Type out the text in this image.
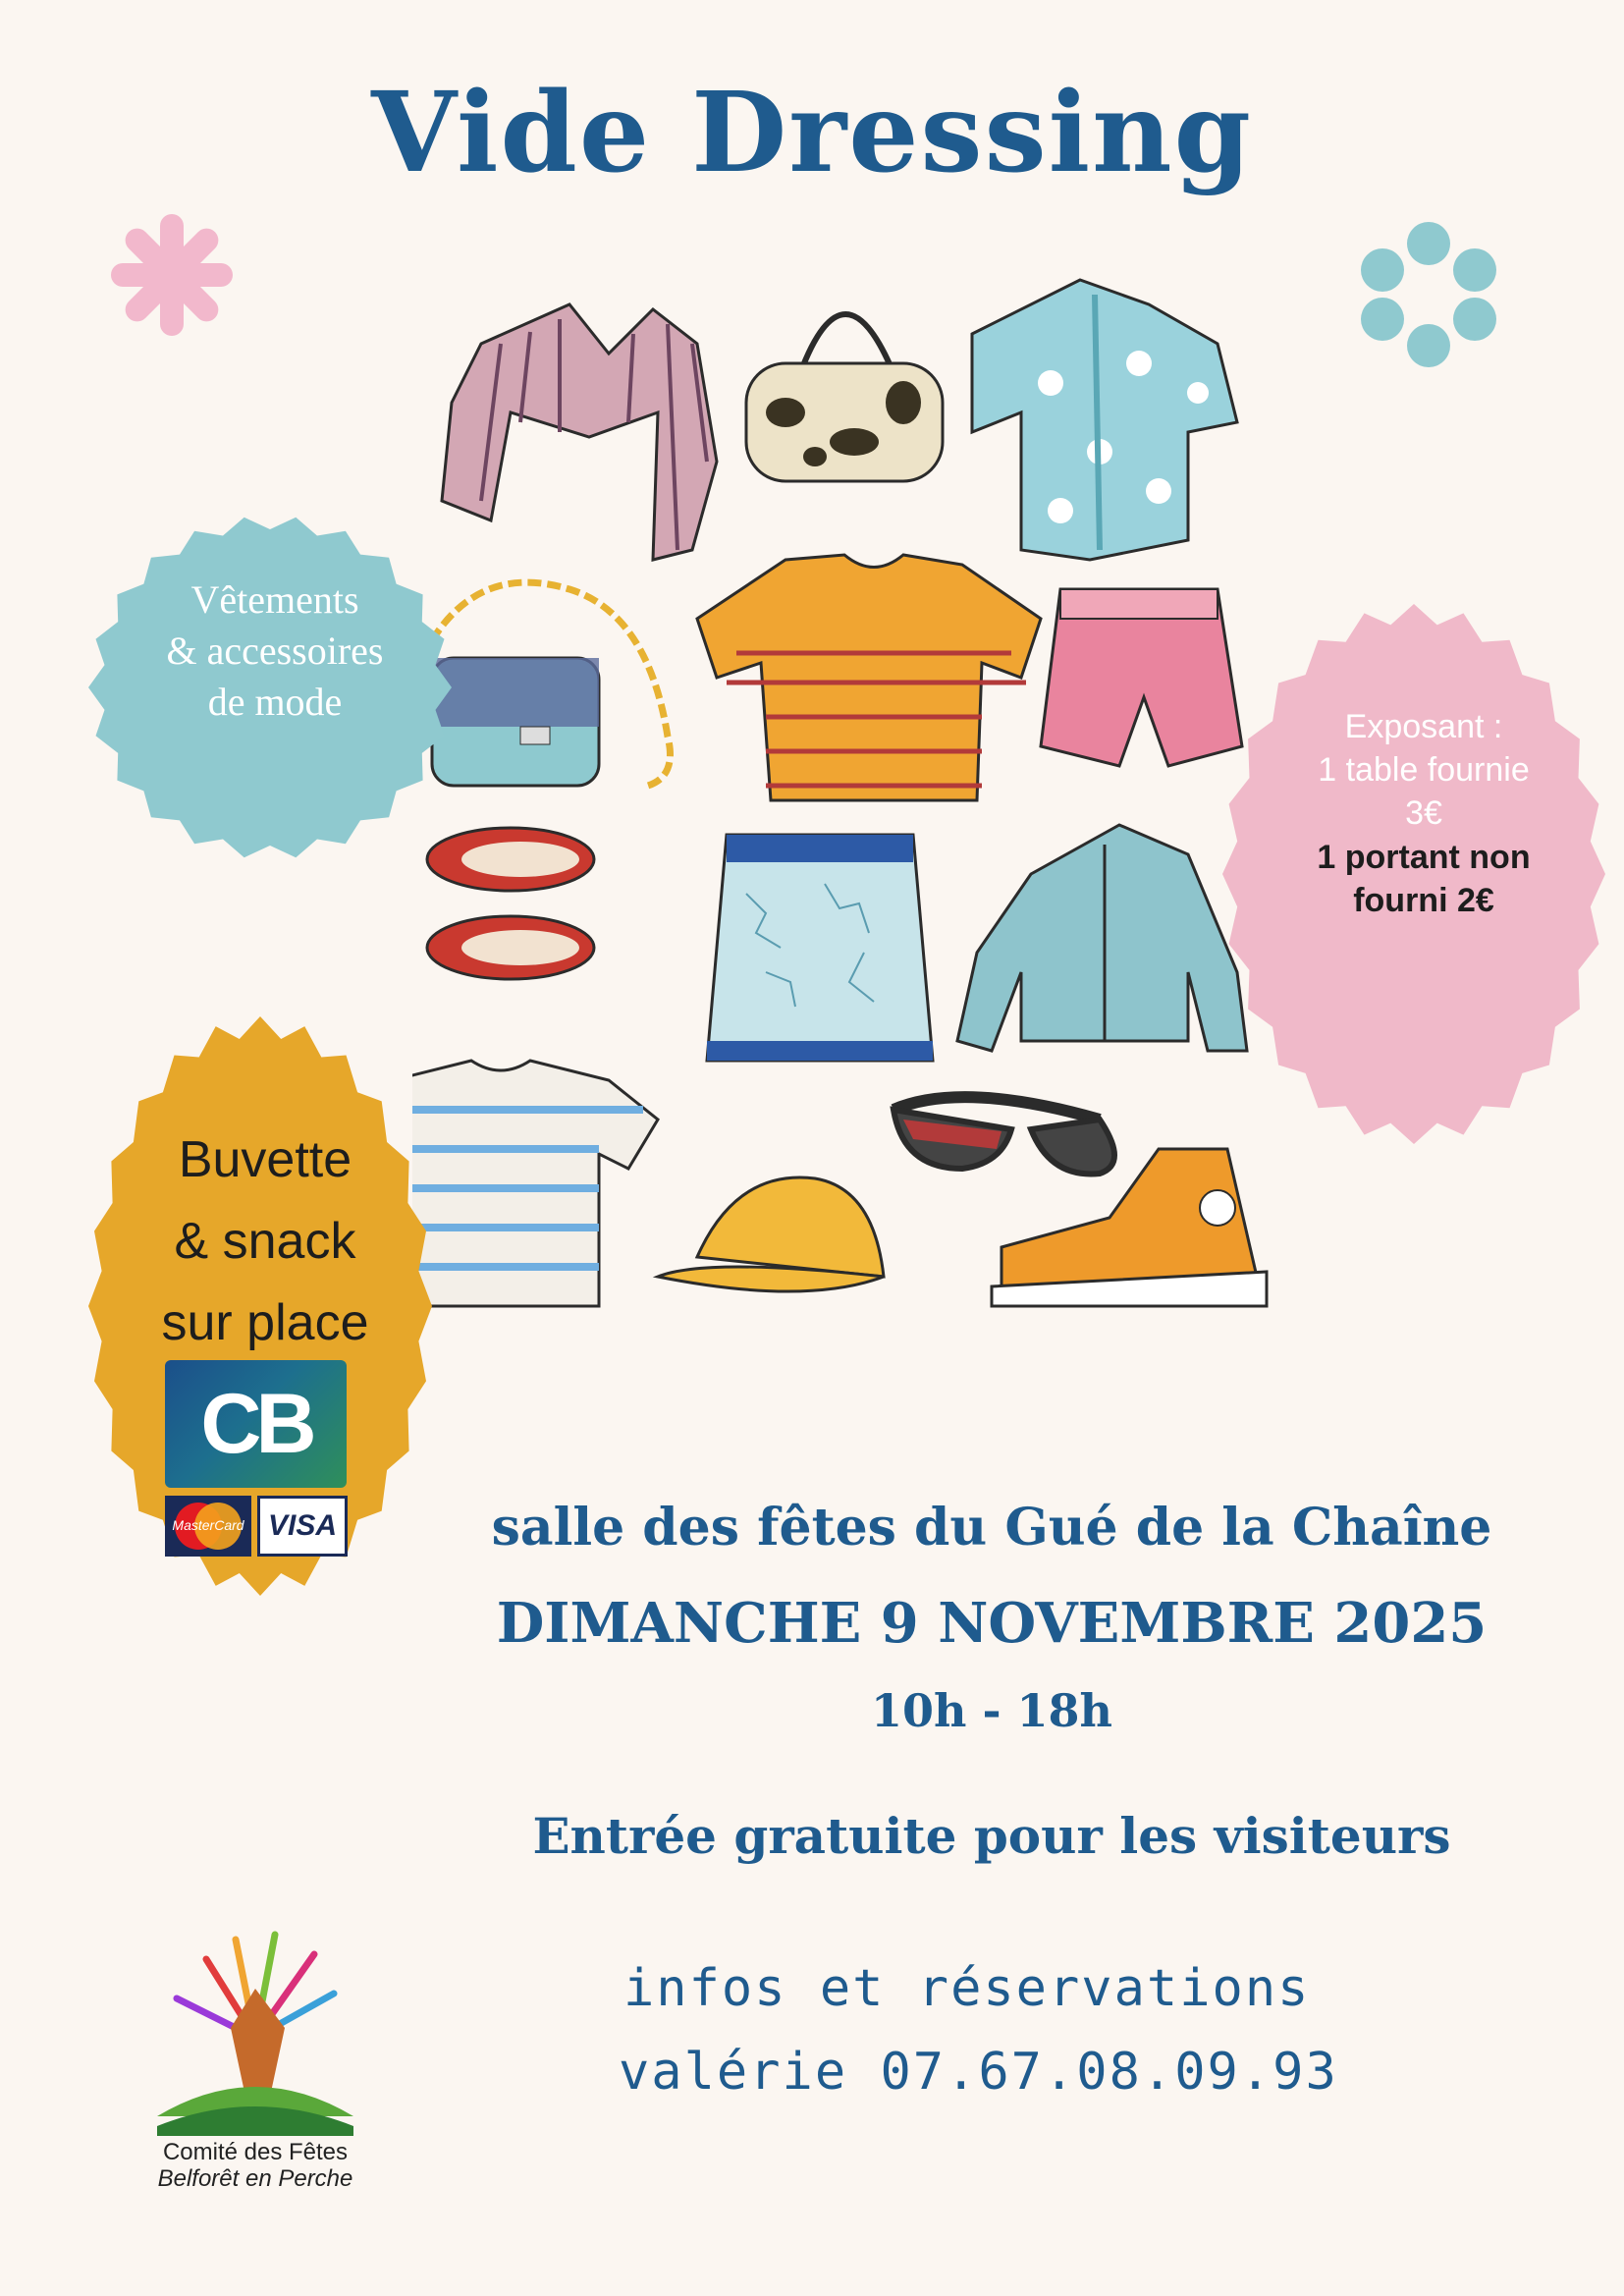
Vide Dressing
Vêtements
& accessoires
de mode
Exposant :
1 table fournie
3€
1 portant non
fourni 2€
Buvette
& snack
sur place
CB
MasterCard VISA	salle des fêtes du Gué de la Chaîne
DIMANCHE 9 NOVEMBRE 2025
10h - 18h
Entrée gratuite pour les visiteurs
infos et réservations
valérie 07.67.08.09.93
Comité des Fêtes
Belforêt en Perche
